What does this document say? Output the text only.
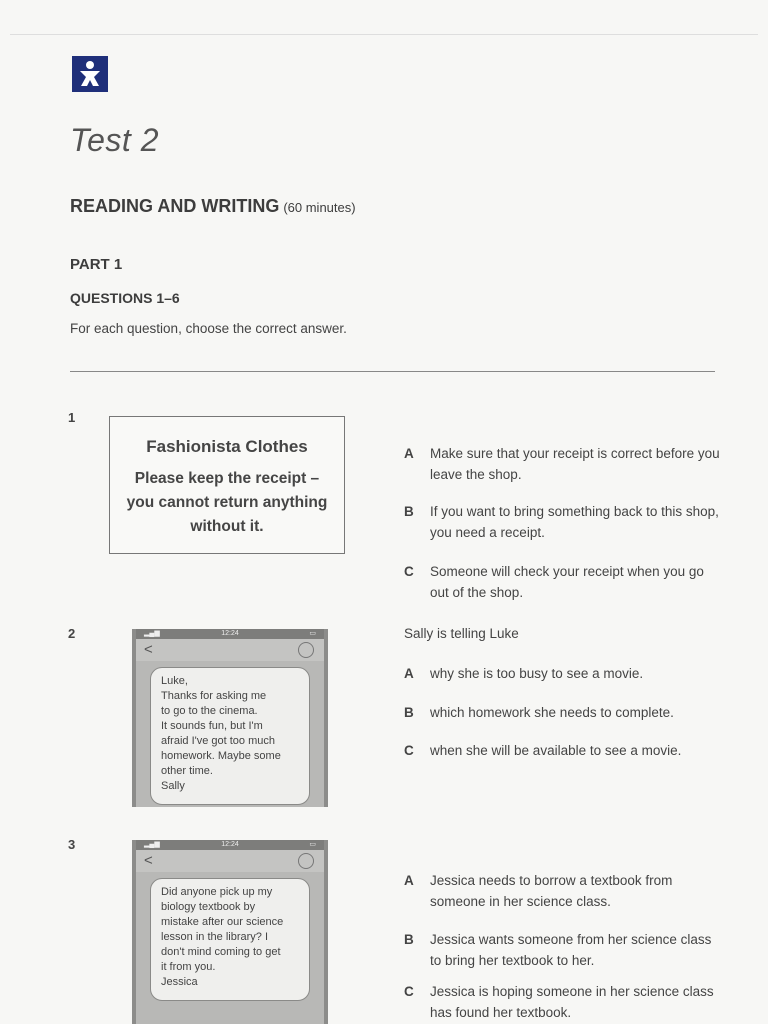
Test 2
READING AND WRITING (60 minutes)
PART 1
QUESTIONS 1–6
For each question, choose the correct answer.
1
Fashionista Clothes
Please keep the receipt – you cannot return anything without it.
A Make sure that your receipt is correct before you leave the shop.
B If you want to bring something back to this shop, you need a receipt.
C Someone will check your receipt when you go out of the shop.
2	▂▄▆	12:24	▭
<
Luke,
Thanks for asking me
to go to the cinema.
It sounds fun, but I'm
afraid I've got too much
homework. Maybe some
other time.
Sally
Sally is telling Luke
A why she is too busy to see a movie.
B which homework she needs to complete.
C when she will be available to see a movie.
3	▂▄▆	12:24	▭
<
Did anyone pick up my
biology textbook by
mistake after our science
lesson in the library? I
don't mind coming to get
it from you.
Jessica
A Jessica needs to borrow a textbook from someone in her science class.
B Jessica wants someone from her science class to bring her textbook to her.
C Jessica is hoping someone in her science class has found her textbook.
